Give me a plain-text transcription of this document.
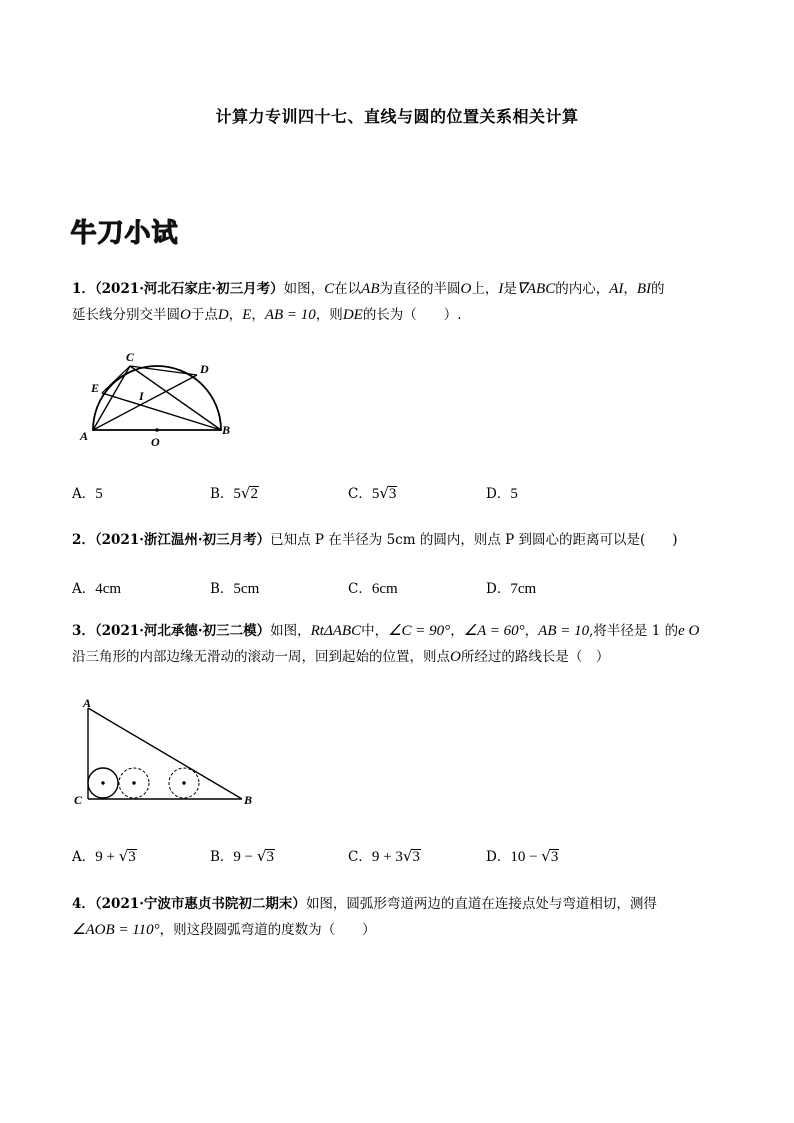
计算力专训四十七、直线与圆的位置关系相关计算
牛刀小试
1．（2021·河北石家庄·初三月考）如图，C在以AB为直径的半圆O上，I是∇ABC的内心，AI，BI的
延长线分别交半圆O于点D，E，AB = 10，则DE的长为（　　）.
A	B
C
D
E
I
O
A．5	B．5√2	C．5√3	D．5
2．（2021·浙江温州·初三月考）已知点 P 在半径为 5cm 的圆内，则点 P 到圆心的距离可以是(　　)
A．4cm	B．5cm	C．6cm	D．7cm
3．（2021·河北承德·初三二模）如图，RtΔABC中，∠C = 90°，∠A = 60°，AB = 10,将半径是 1 的e O
沿三角形的内部边缘无滑动的滚动一周，回到起始的位置，则点O所经过的路线长是（　）
A
B
C
A．9 + √3	B．9 − √3	C．9 + 3√3	D．10 − √3
4．（2021·宁波市惠贞书院初二期末）如图，圆弧形弯道两边的直道在连接点处与弯道相切，测得
∠AOB = 110°，则这段圆弧弯道的度数为（　　）
